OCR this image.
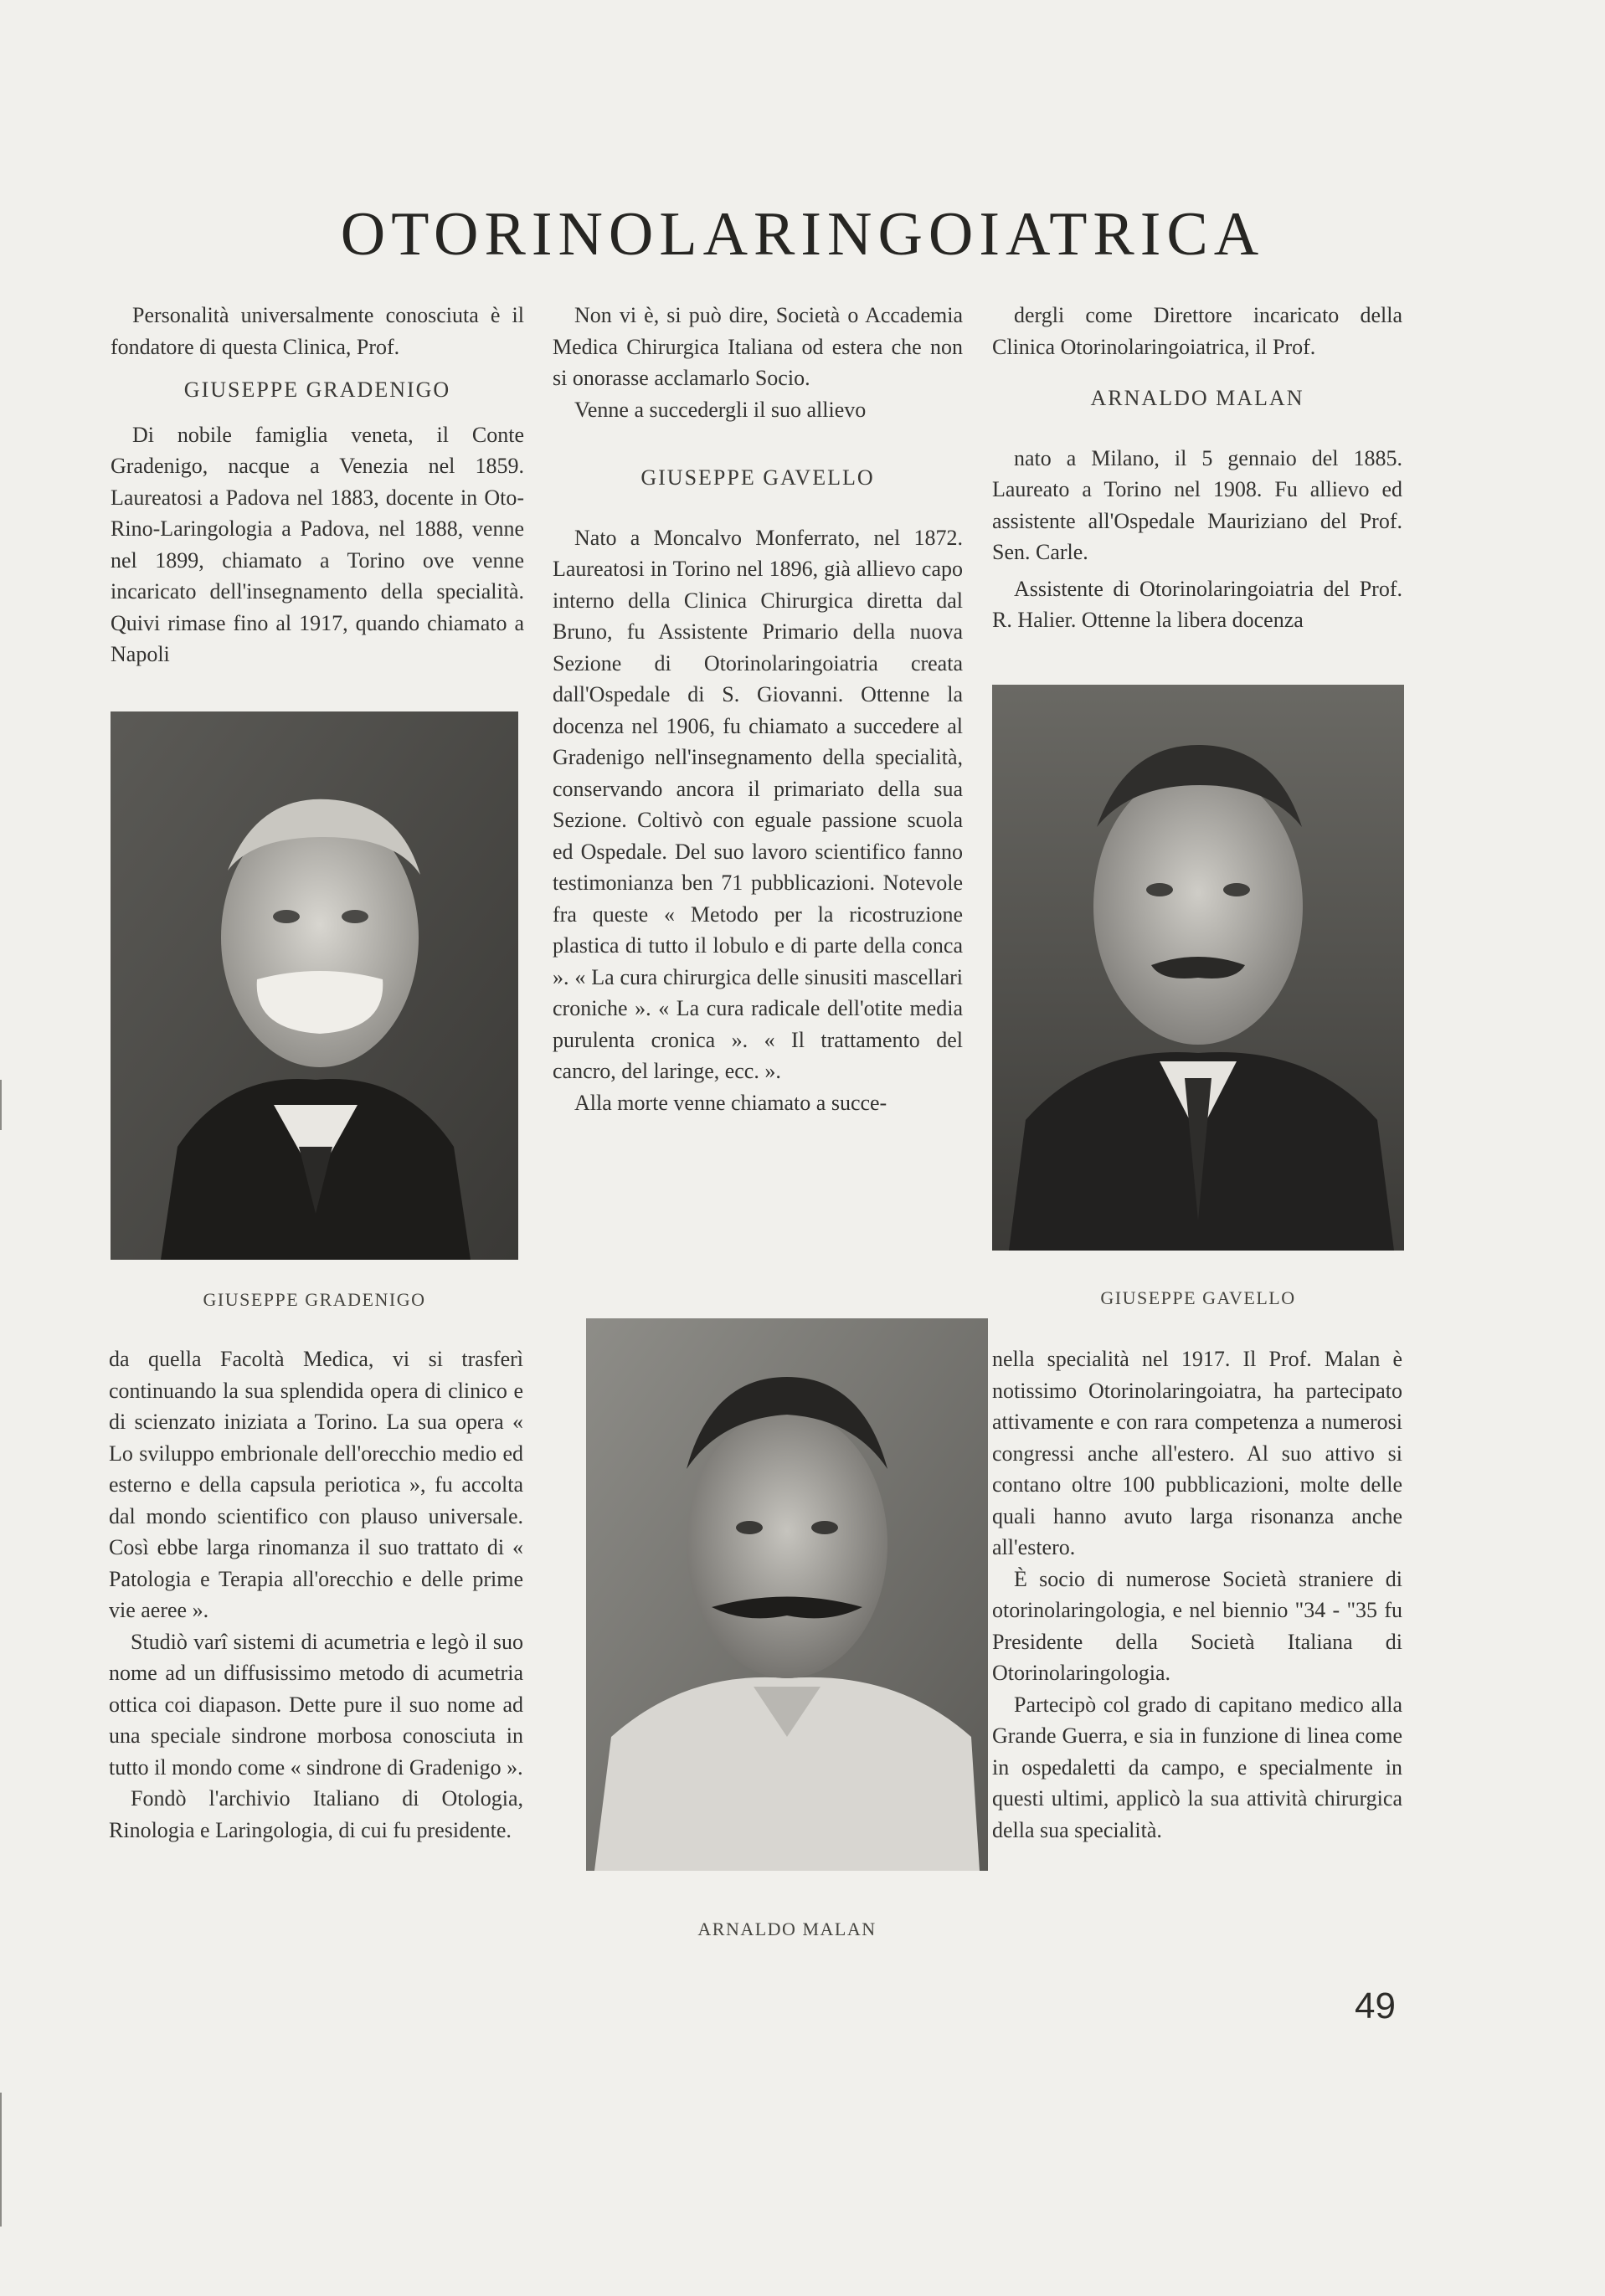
OTORINOLARINGOIATRICA

Personalità universalmente conosciuta è il fondatore di questa Clinica, Prof.

GIUSEPPE GRADENIGO

Di nobile famiglia veneta, il Conte Gradenigo, nacque a Venezia nel 1859. Laureatosi a Padova nel 1883, docente in Oto-Rino-Laringologia a Padova, nel 1888, venne nel 1899, chiamato a Torino ove venne incaricato dell'insegnamento della specialità. Quivi rimase fino al 1917, quando chiamato a Napoli

Non vi è, si può dire, Società o Accademia Medica Chirurgica Italiana od estera che non si onorasse acclamarlo Socio.

Venne a succedergli il suo allievo

GIUSEPPE GAVELLO

Nato a Moncalvo Monferrato, nel 1872. Laureatosi in Torino nel 1896, già allievo capo interno della Clinica Chirurgica diretta dal Bruno, fu Assistente Primario della nuova Sezione di Otorinolaringoiatria creata dall'Ospedale di S. Giovanni. Ottenne la docenza nel 1906, fu chiamato a succedere al Gradenigo nell'insegnamento della specialità, conservando ancora il primariato della sua Sezione. Coltivò con eguale passione scuola ed Ospedale. Del suo lavoro scientifico fanno testimonianza ben 71 pubblicazioni. Notevole fra queste « Metodo per la ricostruzione plastica di tutto il lobulo e di parte della conca ». « La cura chirurgica delle sinusiti mascellari croniche ». « La cura radicale dell'otite media purulenta cronica ». « Il trattamento del cancro, del laringe, ecc. ».

Alla morte venne chiamato a succe-

dergli come Direttore incaricato della Clinica Otorinolaringoiatrica, il Prof.

ARNALDO MALAN

nato a Milano, il 5 gennaio del 1885. Laureato a Torino nel 1908. Fu allievo ed assistente all'Ospedale Mauriziano del Prof. Sen. Carle.

Assistente di Otorinolaringoiatria del Prof. R. Halier. Ottenne la libera docenza

GIUSEPPE GRADENIGO	GIUSEPPE GAVELLO
ARNALDO MALAN

da quella Facoltà Medica, vi si trasferì continuando la sua splendida opera di clinico e di scienzato iniziata a Torino. La sua opera « Lo sviluppo embrionale dell'orecchio medio ed esterno e della capsula periotica », fu accolta dal mondo scientifico con plauso universale. Così ebbe larga rinomanza il suo trattato di « Patologia e Terapia all'orecchio e delle prime vie aeree ».

Studiò varî sistemi di acumetria e legò il suo nome ad un diffusissimo metodo di acumetria ottica coi diapason. Dette pure il suo nome ad una speciale sindrone morbosa conosciuta in tutto il mondo come « sindrone di Gradenigo ».

Fondò l'archivio Italiano di Otologia, Rinologia e Laringologia, di cui fu presidente.

nella specialità nel 1917. Il Prof. Malan è notissimo Otorinolaringoiatra, ha partecipato attivamente e con rara competenza a numerosi congressi anche all'estero. Al suo attivo si contano oltre 100 pubblicazioni, molte delle quali hanno avuto larga risonanza anche all'estero.

È socio di numerose Società straniere di otorinolaringologia, e nel biennio "34 - "35 fu Presidente della Società Italiana di Otorinolaringologia.

Partecipò col grado di capitano medico alla Grande Guerra, e sia in funzione di linea come in ospedaletti da campo, e specialmente in questi ultimi, applicò la sua attività chirurgica della sua specialità.

49
